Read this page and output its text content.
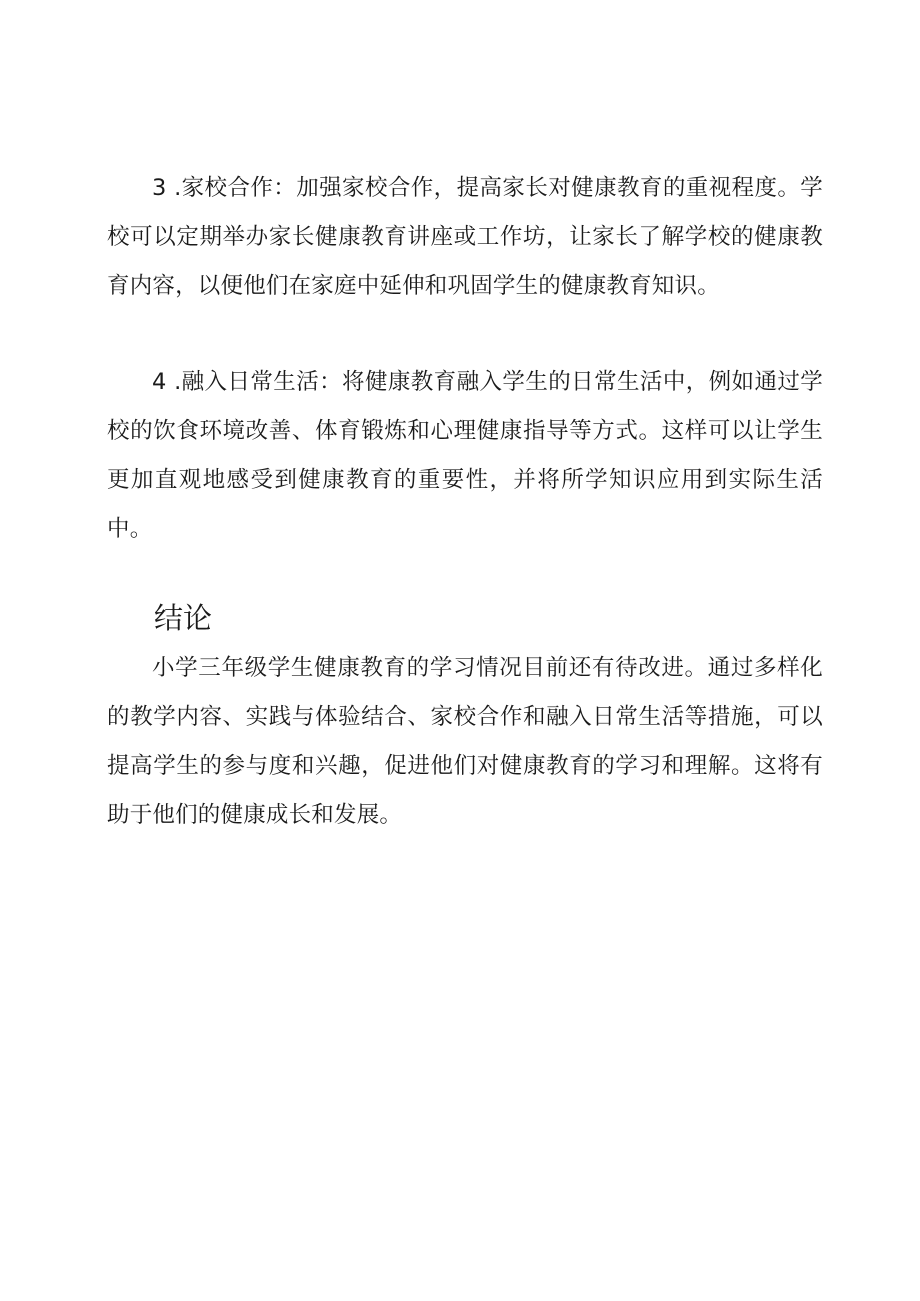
3 .家校合作：加强家校合作，提高家长对健康教育的重视程度。学校可以定期举办家长健康教育讲座或工作坊，让家长了解学校的健康教育内容，以便他们在家庭中延伸和巩固学生的健康教育知识。

4 .融入日常生活：将健康教育融入学生的日常生活中，例如通过学校的饮食环境改善、体育锻炼和心理健康指导等方式。这样可以让学生更加直观地感受到健康教育的重要性，并将所学知识应用到实际生活中。

结论

小学三年级学生健康教育的学习情况目前还有待改进。通过多样化的教学内容、实践与体验结合、家校合作和融入日常生活等措施，可以提高学生的参与度和兴趣，促进他们对健康教育的学习和理解。这将有助于他们的健康成长和发展。
